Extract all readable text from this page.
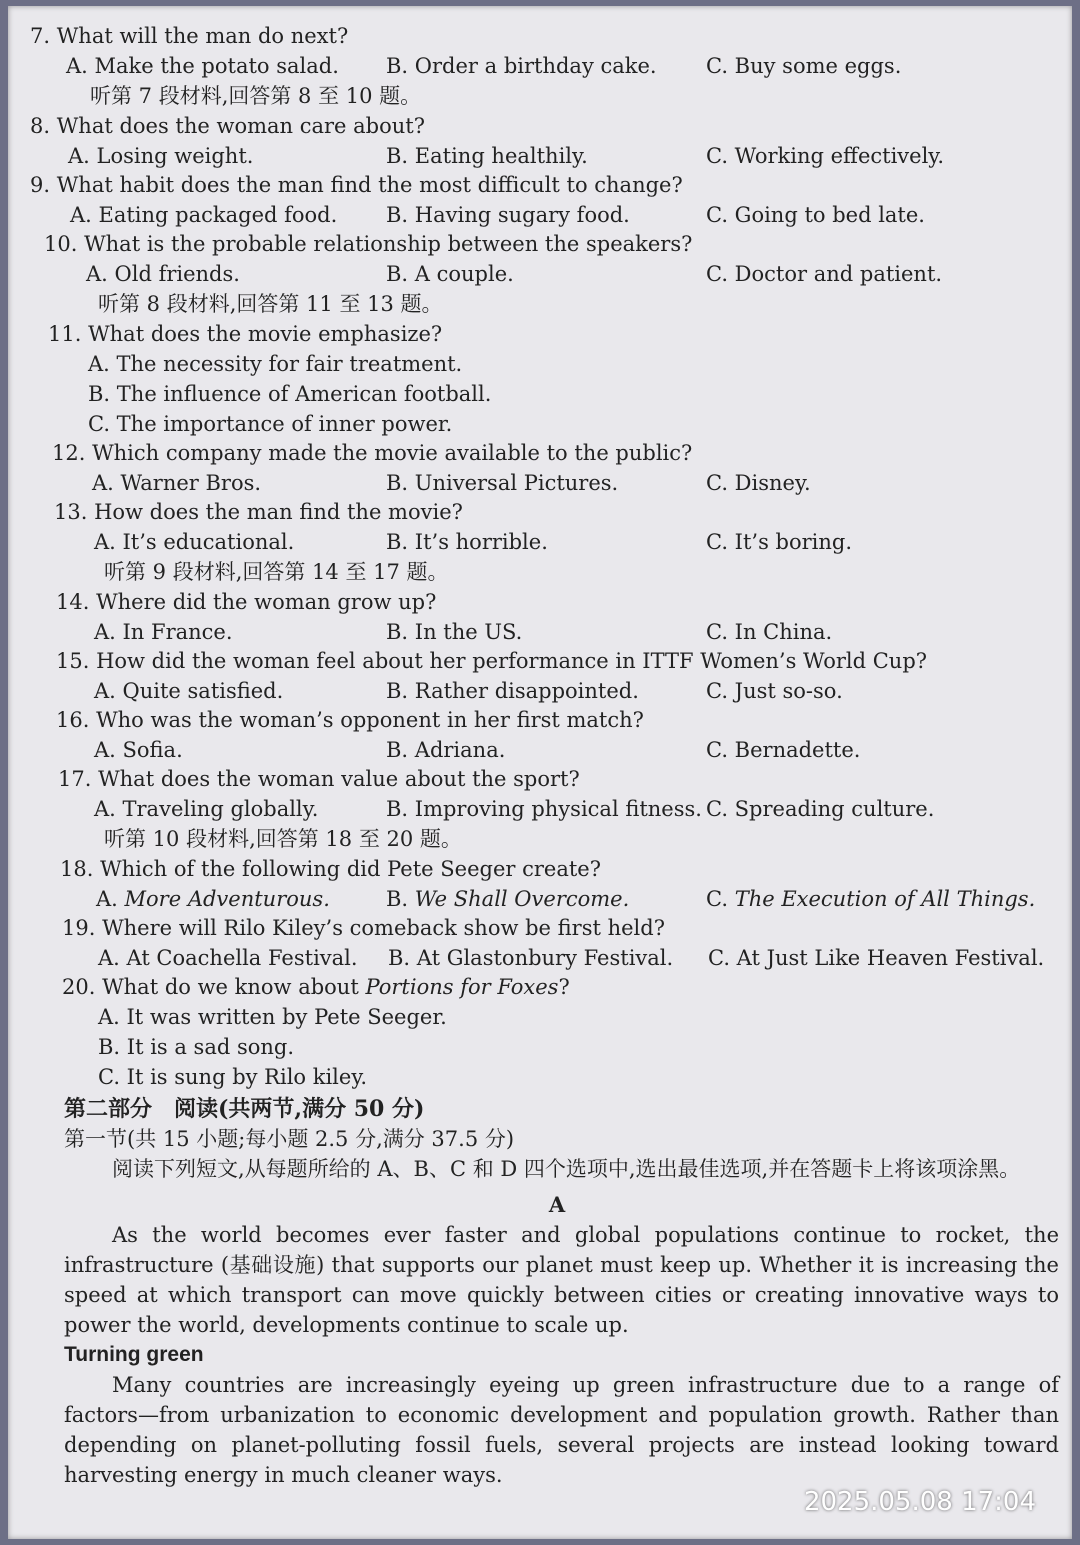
7. What will the man do next?
A. Make the potato salad. B. Order a birthday cake. C. Buy some eggs.
听第 7 段材料,回答第 8 至 10 题。
8. What does the woman care about?
A. Losing weight.	B. Eating healthily.	C. Working effectively.
9. What habit does the man find the most difficult to change?
A. Eating packaged food. B. Having sugary food.	C. Going to bed late.
10. What is the probable relationship between the speakers?
A. Old friends.	B. A couple.	C. Doctor and patient.
听第 8 段材料,回答第 11 至 13 题。
11. What does the movie emphasize?
A. The necessity for fair treatment.
B. The influence of American football.
C. The importance of inner power.
12. Which company made the movie available to the public?
A. Warner Bros.	B. Universal Pictures.	C. Disney.
13. How does the man find the movie?
A. It’s educational.	B. It’s horrible.	C. It’s boring.
听第 9 段材料,回答第 14 至 17 题。
14. Where did the woman grow up?
A. In France.	B. In the US.	C. In China.
15. How did the woman feel about her performance in ITTF Women’s World Cup?
A. Quite satisfied.	B. Rather disappointed.	C. Just so-so.
16. Who was the woman’s opponent in her first match?
A. Sofia.	B. Adriana.	C. Bernadette.
17. What does the woman value about the sport?
A. Traveling globally.	B. Improving physical fitness. C. Spreading culture.
听第 10 段材料,回答第 18 至 20 题。
18. Which of the following did Pete Seeger create?
A. More Adventurous.	B. We Shall Overcome.	C. The Execution of All Things.
19. Where will Rilo Kiley’s comeback show be first held?
A. At Coachella Festival. B. At Glastonbury Festival. C. At Just Like Heaven Festival.
20. What do we know about Portions for Foxes?
A. It was written by Pete Seeger.
B. It is a sad song.
C. It is sung by Rilo kiley.
第二部分　阅读(共两节,满分 50 分)
第一节(共 15 小题;每小题 2.5 分,满分 37.5 分)
阅读下列短文,从每题所给的 A、B、C 和 D 四个选项中,选出最佳选项,并在答题卡上将该项涂黑。
A
As the world becomes ever faster and global populations continue to rocket, the infrastructure (基础设施) that supports our planet must keep up. Whether it is increasing the speed at which transport can move quickly between cities or creating innovative ways to power the world, developments continue to scale up.
Turning green
Many countries are increasingly eyeing up green infrastructure due to a range of factors—from urbanization to economic development and population growth. Rather than depending on planet-polluting fossil fuels, several projects are instead looking toward harvesting energy in much cleaner ways.
2025.05.08 17:04
